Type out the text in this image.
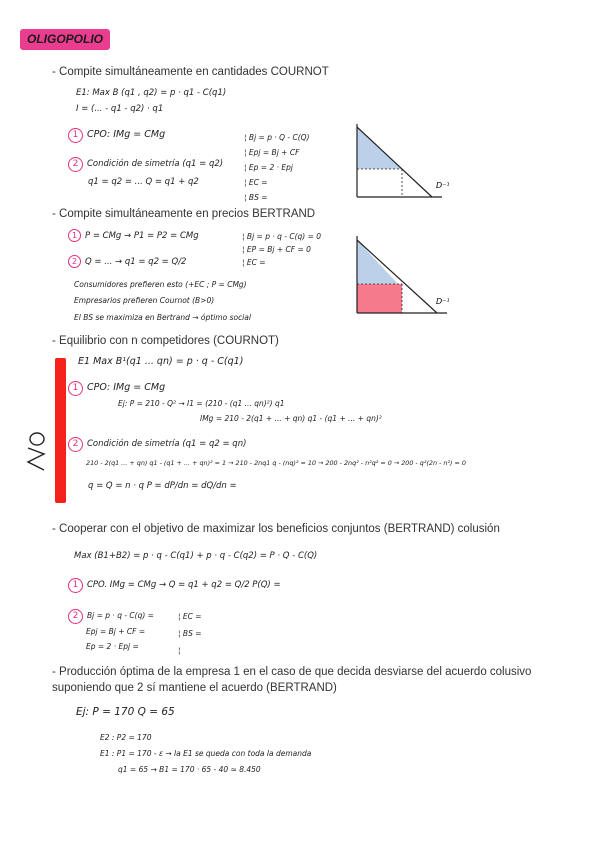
OLIGOPOLIO
- Compite simultáneamente en cantidades COURNOT
E1: Max B (q1 , q2) = p · q1 - C(q1)
I = (... - q1 - q2) · q1
1 CPO: IMg = CMg
2 Condición de simetría (q1 = q2)
q1 = q2 = ... Q = q1 + q2
¦ Bj = p · Q - C(Q)
¦ Epj = Bj + CF
¦ Ep = 2 · Epj
¦ EC =
¦ BS =
D⁻¹
- Compite simultáneamente en precios BERTRAND
1 P = CMg → P1 = P2 = CMg
2 Q = ... → q1 = q2 = Q/2
¦ Bj = p · q - C(q) = 0
¦ EP = Bj + CF = 0
¦ EC =
Consumidores prefieren esto (+EC ; P = CMg)
Empresarios prefieren Cournot (B>0)
El BS se maximiza en Bertrand → óptimo social
D⁻¹
- Equilibrio con n competidores (COURNOT)
E1 Max B¹(q1 ... qn) = p · q - C(q1)
1 CPO: IMg = CMg
Ej: P = 210 - Q² → I1 = (210 - (q1 ... qn)²) q1
IMg = 210 - 2(q1 + ... + qn) q1 - (q1 + ... + qn)²
2 Condición de simetría (q1 = q2 = qn)
210 - 2(q1 ... + qn) q1 - (q1 + ... + qn)² = 1 → 210 - 2nq1 q - (nq)² = 10 → 200 - 2nq² - n²q² = 0 → 200 - q²(2n - n²) = 0
q = Q = n · q P = dP/dn = dQ/dn =
- Cooperar con el objetivo de maximizar los beneficios conjuntos (BERTRAND) colusión
Max (B1+B2) = p · q - C(q1) + p · q - C(q2) = P · Q - C(Q)
1 CPO. IMg = CMg → Q = q1 + q2 = Q/2 P(Q) =
2 Bj = p · q - C(q) =
Epj = Bj + CF =
Ep = 2 · Epj =
¦ EC =
¦ BS =
¦
- Producción óptima de la empresa 1 en el caso de que decida desviarse del acuerdo colusivo suponiendo que 2 sí mantiene el acuerdo (BERTRAND)
Ej: P = 170 Q = 65
E2 : P2 = 170
E1 : P1 = 170 - ε → la E1 se queda con toda la demanda
q1 = 65 → B1 = 170 · 65 - 40 ≃ 8.450
